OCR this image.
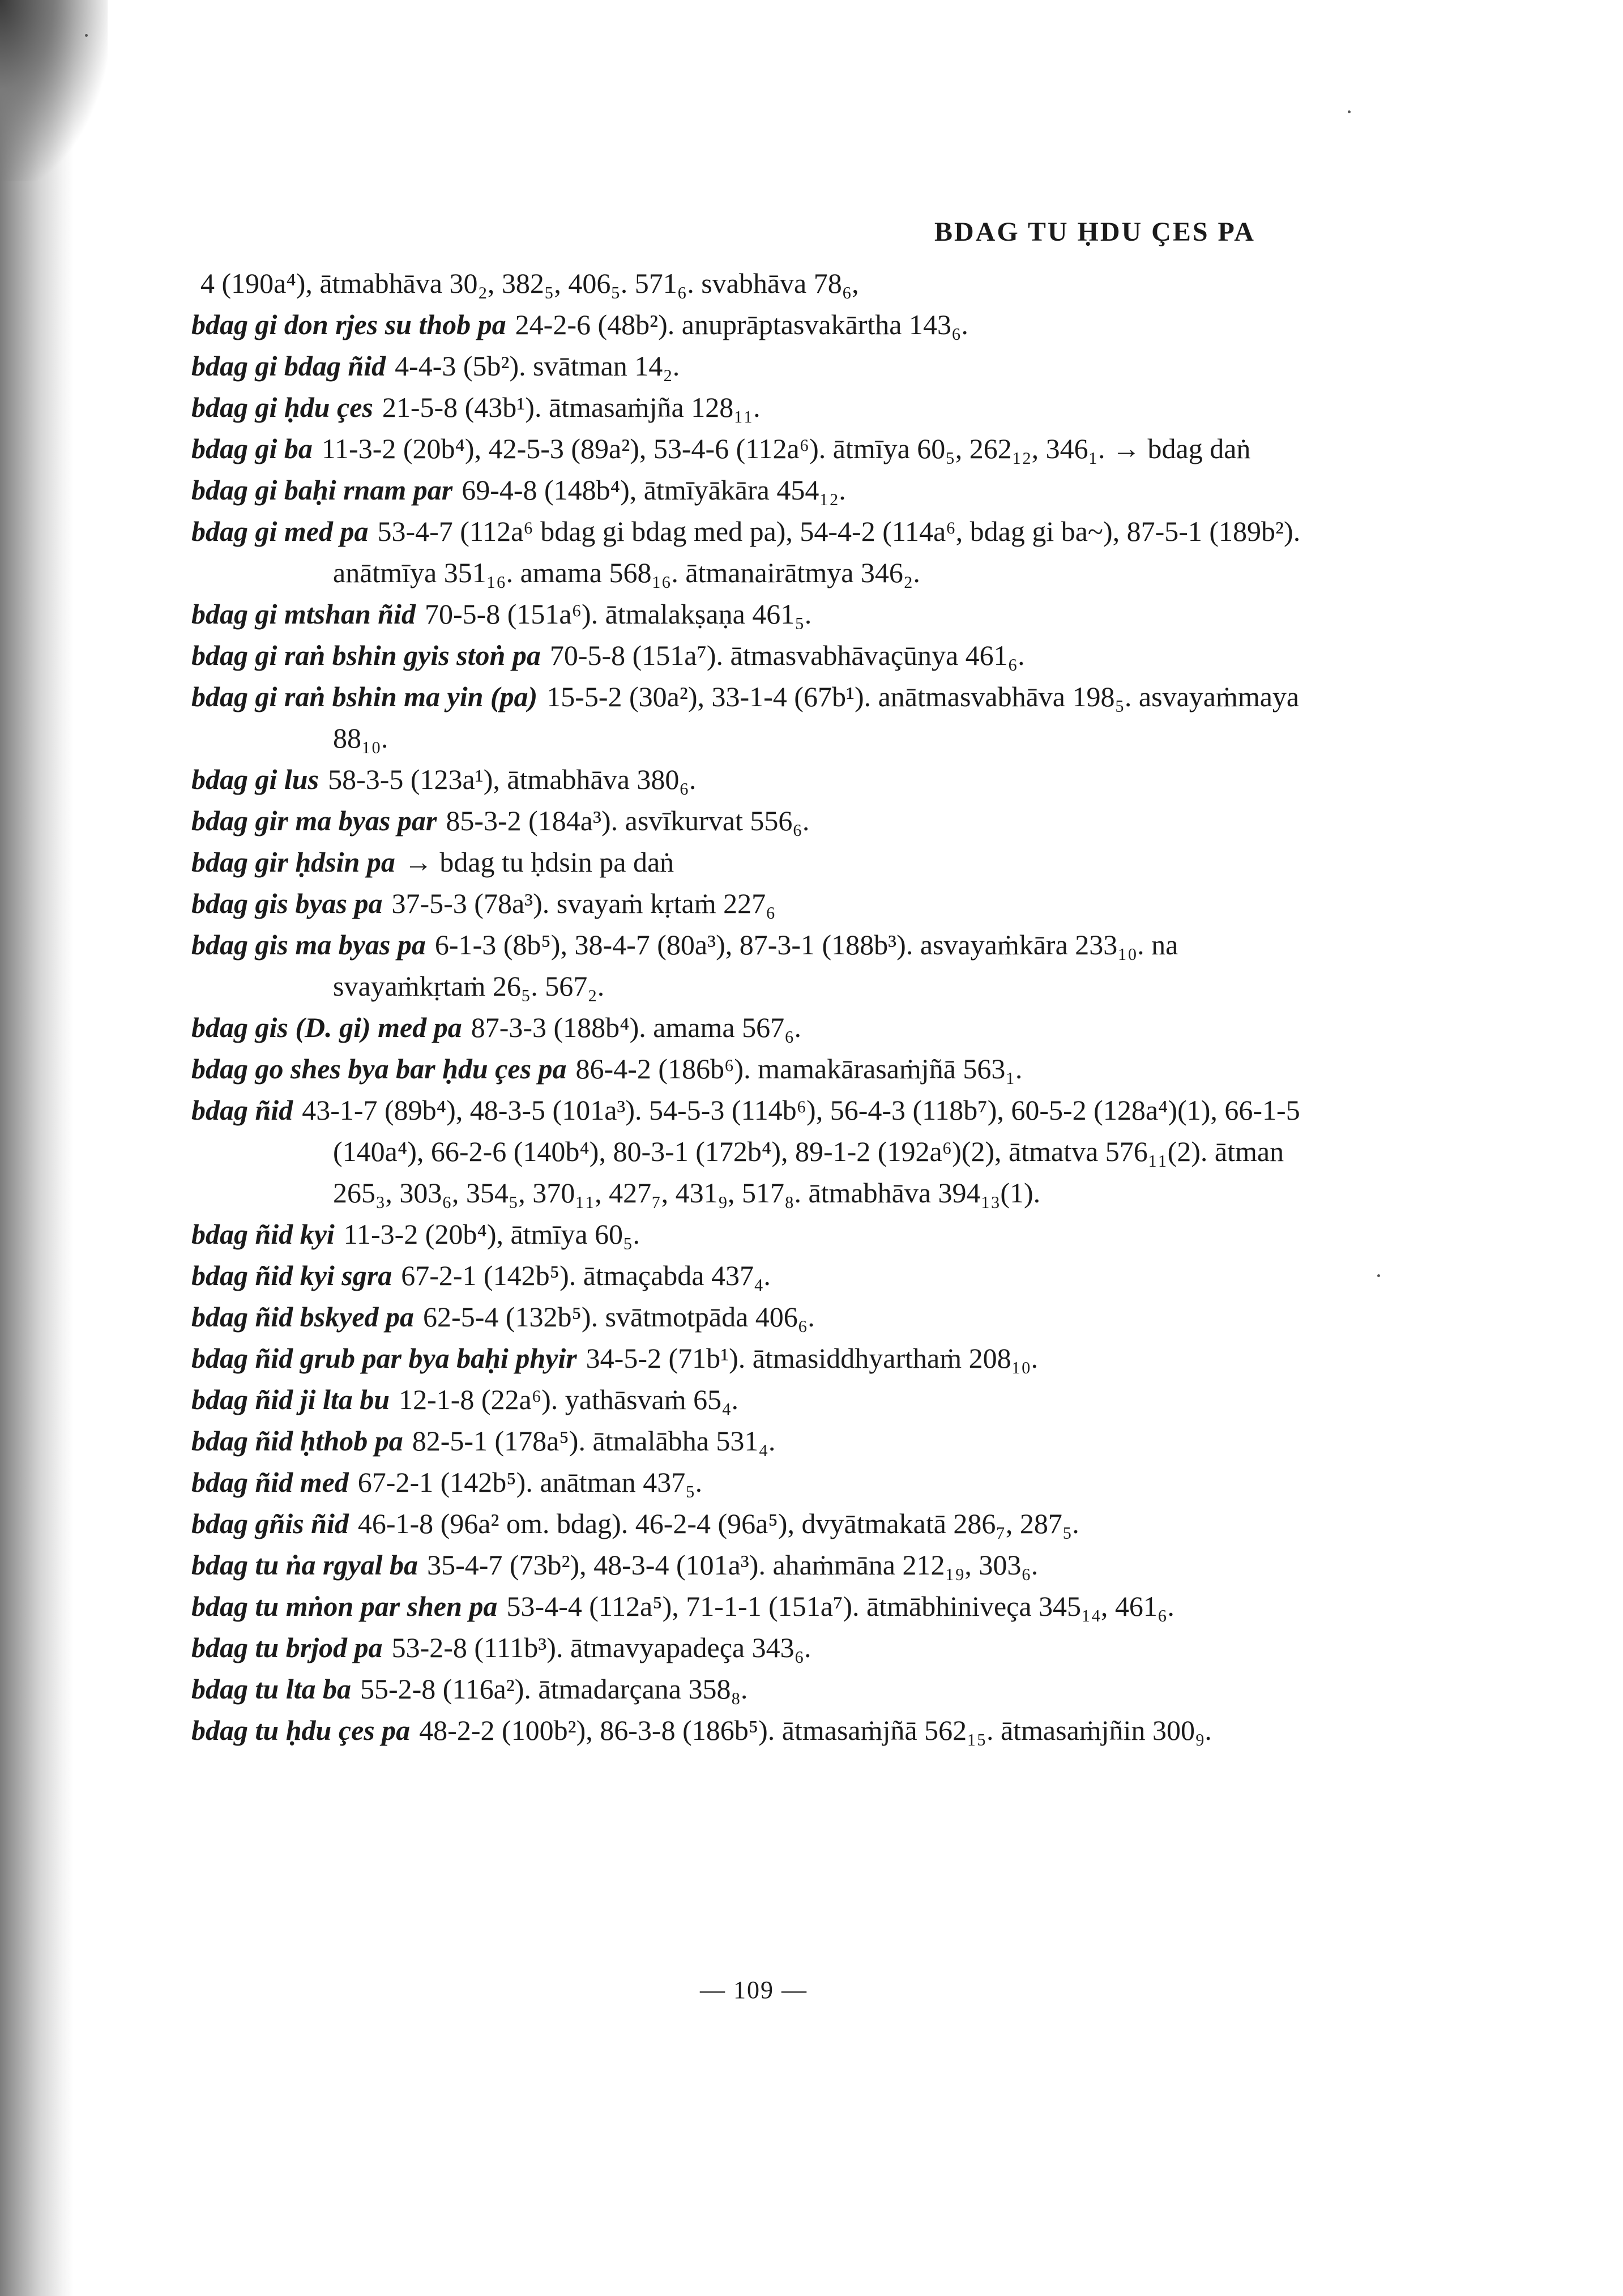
BDAG TU ḤDU ÇES PA
4 (190a⁴), ātmabhāva 30₂, 382₅, 406₅. 571₆. svabhāva 78₆,
bdag gi don rjes su thob pa 24-2-6 (48b²). anuprāptasvakārtha 143₆.
bdag gi bdag ñid 4-4-3 (5b²). svātman 14₂.
bdag gi ḥdu çes 21-5-8 (43b¹). ātmasaṁjña 128₁₁.
bdag gi ba 11-3-2 (20b⁴), 42-5-3 (89a²), 53-4-6 (112a⁶). ātmīya 60₅, 262₁₂, 346₁. → bdag daṅ
bdag gi baḥi rnam par 69-4-8 (148b⁴), ātmīyākāra 454₁₂.
bdag gi med pa 53-4-7 (112a⁶ bdag gi bdag med pa), 54-4-2 (114a⁶, bdag gi ba~), 87-5-1 (189b²). anātmīya 351₁₆. amama 568₁₆. ātmanairātmya 346₂.
bdag gi mtshan ñid 70-5-8 (151a⁶). ātmalakṣaṇa 461₅.
bdag gi raṅ bshin gyis stoṅ pa 70-5-8 (151a⁷). ātmasvabhāvaçūnya 461₆.
bdag gi raṅ bshin ma yin (pa) 15-5-2 (30a²), 33-1-4 (67b¹). anātmasvabhāva 198₅. asvayaṁmaya 88₁₀.
bdag gi lus 58-3-5 (123a¹), ātmabhāva 380₆.
bdag gir ma byas par 85-3-2 (184a³). asvīkurvat 556₆.
bdag gir ḥdsin pa → bdag tu ḥdsin pa daṅ
bdag gis byas pa 37-5-3 (78a³). svayaṁ kṛtaṁ 227₆
bdag gis ma byas pa 6-1-3 (8b⁵), 38-4-7 (80a³), 87-3-1 (188b³). asvayaṁkāra 233₁₀. na svayaṁkṛtaṁ 26₅. 567₂.
bdag gis (D. gi) med pa 87-3-3 (188b⁴). amama 567₆.
bdag go shes bya bar ḥdu çes pa 86-4-2 (186b⁶). mamakārasaṁjñā 563₁.
bdag ñid 43-1-7 (89b⁴), 48-3-5 (101a³). 54-5-3 (114b⁶), 56-4-3 (118b⁷), 60-5-2 (128a⁴)(1), 66-1-5 (140a⁴), 66-2-6 (140b⁴), 80-3-1 (172b⁴), 89-1-2 (192a⁶)(2), ātmatva 576₁₁(2). ātman 265₃, 303₆, 354₅, 370₁₁, 427₇, 431₉, 517₈. ātmabhāva 394₁₃(1).
bdag ñid kyi 11-3-2 (20b⁴), ātmīya 60₅.
bdag ñid kyi sgra 67-2-1 (142b⁵). ātmaçabda 437₄.
bdag ñid bskyed pa 62-5-4 (132b⁵). svātmotpāda 406₆.
bdag ñid grub par bya baḥi phyir 34-5-2 (71b¹). ātmasiddhyarthaṁ 208₁₀.
bdag ñid ji lta bu 12-1-8 (22a⁶). yathāsvaṁ 65₄.
bdag ñid ḥthob pa 82-5-1 (178a⁵). ātmalābha 531₄.
bdag ñid med 67-2-1 (142b⁵). anātman 437₅.
bdag gñis ñid 46-1-8 (96a² om. bdag). 46-2-4 (96a⁵), dvyātmakatā 286₇, 287₅.
bdag tu ṅa rgyal ba 35-4-7 (73b²), 48-3-4 (101a³). ahaṁmāna 212₁₉, 303₆.
bdag tu mṅon par shen pa 53-4-4 (112a⁵), 71-1-1 (151a⁷). ātmābhiniveça 345₁₄, 461₆.
bdag tu brjod pa 53-2-8 (111b³). ātmavyapadeça 343₆.
bdag tu lta ba 55-2-8 (116a²). ātmadarçana 358₈.
bdag tu ḥdu çes pa 48-2-2 (100b²), 86-3-8 (186b⁵). ātmasaṁjñā 562₁₅. ātmasaṁjñin 300₉.
— 109 —
